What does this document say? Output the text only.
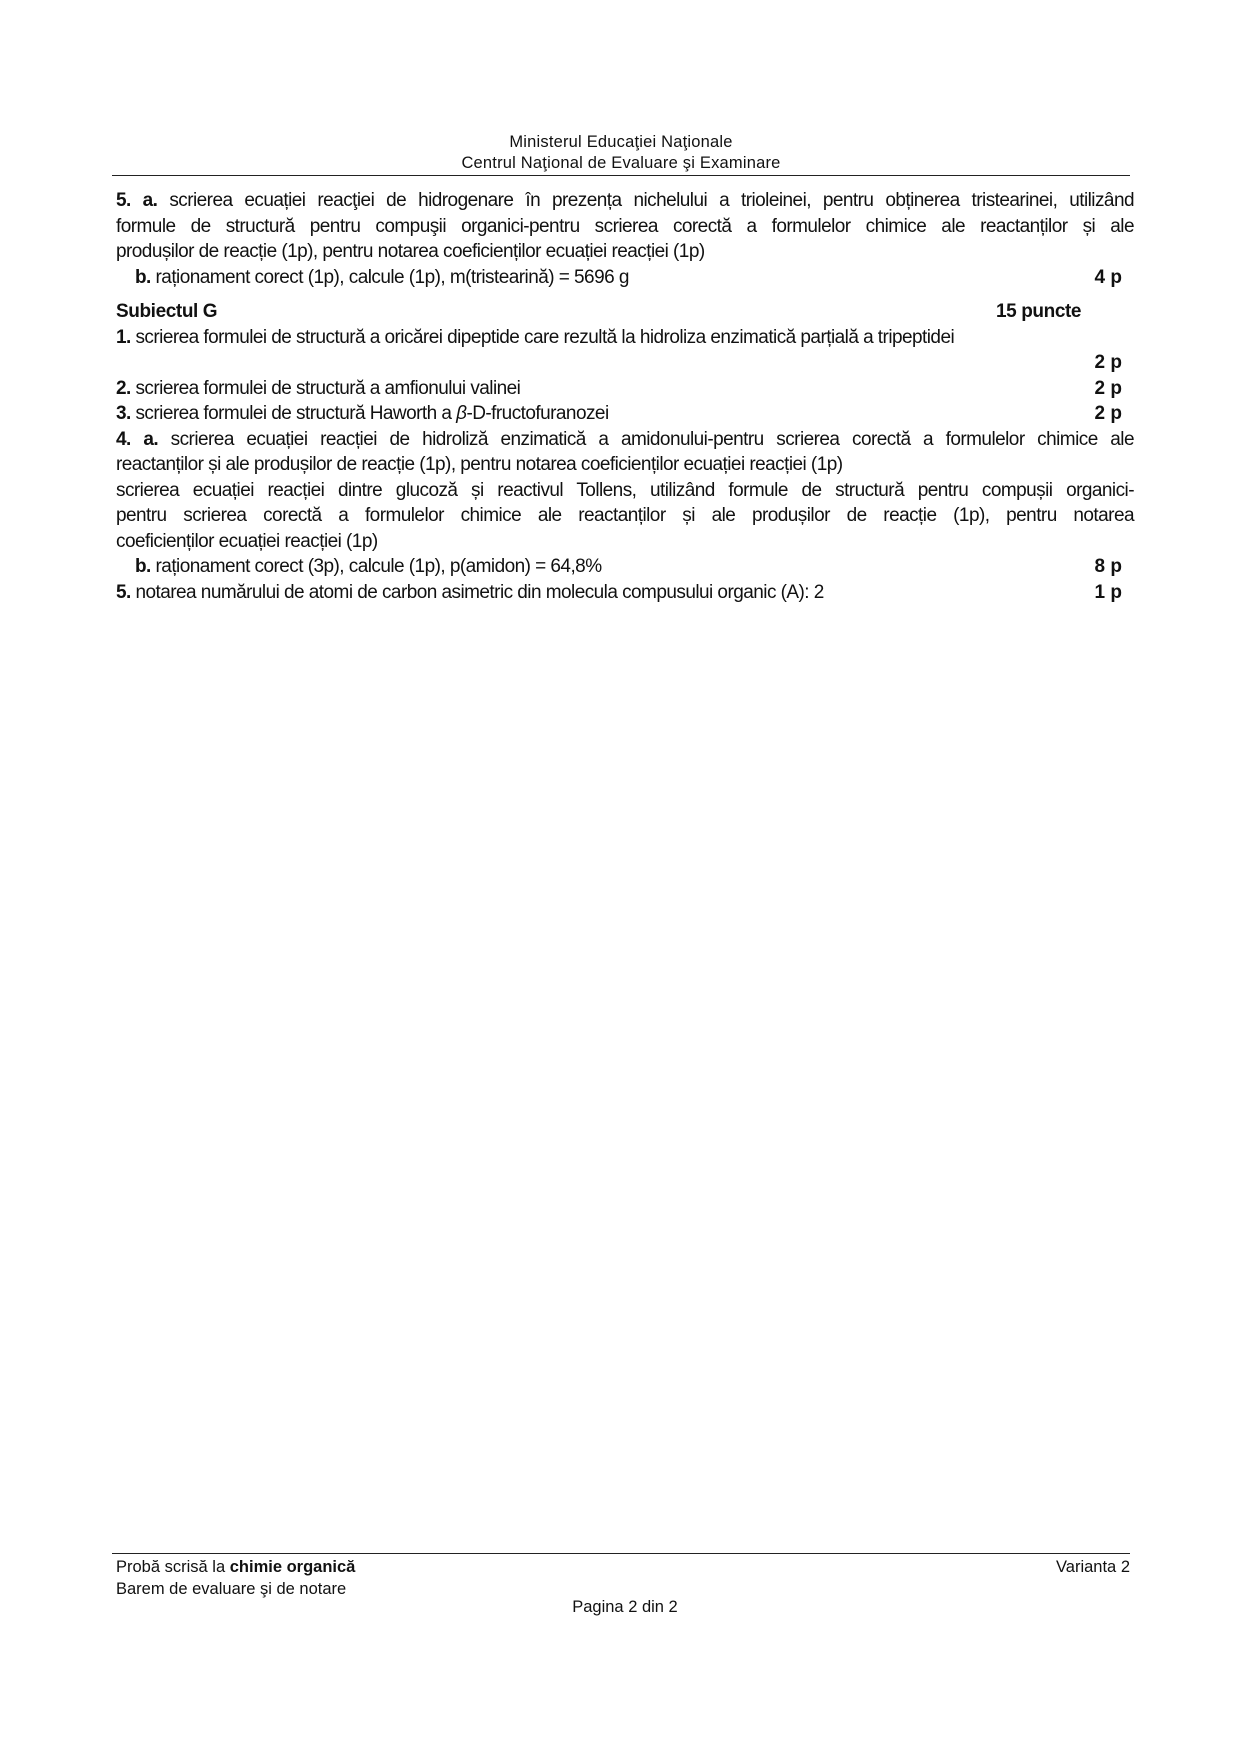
Ministerul Educaţiei Naţionale
Centrul Naţional de Evaluare şi Examinare
5. a. scrierea ecuației reacţiei de hidrogenare în prezența nichelului a trioleinei, pentru obținerea tristearinei, utilizând
formule de structură pentru compuşii organici-pentru scrierea corectă a formulelor chimice ale reactanților și ale
produșilor de reacție (1p), pentru notarea coeficienților ecuației reacției (1p)
b. raționament corect (1p), calcule (1p), m(tristearină) = 5696 g	4 p
Subiectul G	15 puncte
1. scrierea formulei de structură a oricărei dipeptide care rezultă la hidroliza enzimatică parțială a tripeptidei
2 p
2. scrierea formulei de structură a amfionului valinei	2 p
3. scrierea formulei de structură Haworth a β-D-fructofuranozei	2 p
4. a. scrierea ecuației reacției de hidroliză enzimatică a amidonului-pentru scrierea corectă a formulelor chimice ale
reactanților și ale produșilor de reacție (1p), pentru notarea coeficienților ecuației reacției (1p)
scrierea ecuației reacției dintre glucoză și reactivul Tollens, utilizând formule de structură pentru compușii organici-
pentru scrierea corectă a formulelor chimice ale reactanților și ale produșilor de reacție (1p), pentru notarea
coeficienților ecuației reacției (1p)
b. raționament corect (3p), calcule (1p), p(amidon) = 64,8%	8 p
5. notarea numărului de atomi de carbon asimetric din molecula compusului organic (A): 2	1 p
Probă scrisă la chimie organică	Varianta 2
Barem de evaluare şi de notare
Pagina 2 din 2
